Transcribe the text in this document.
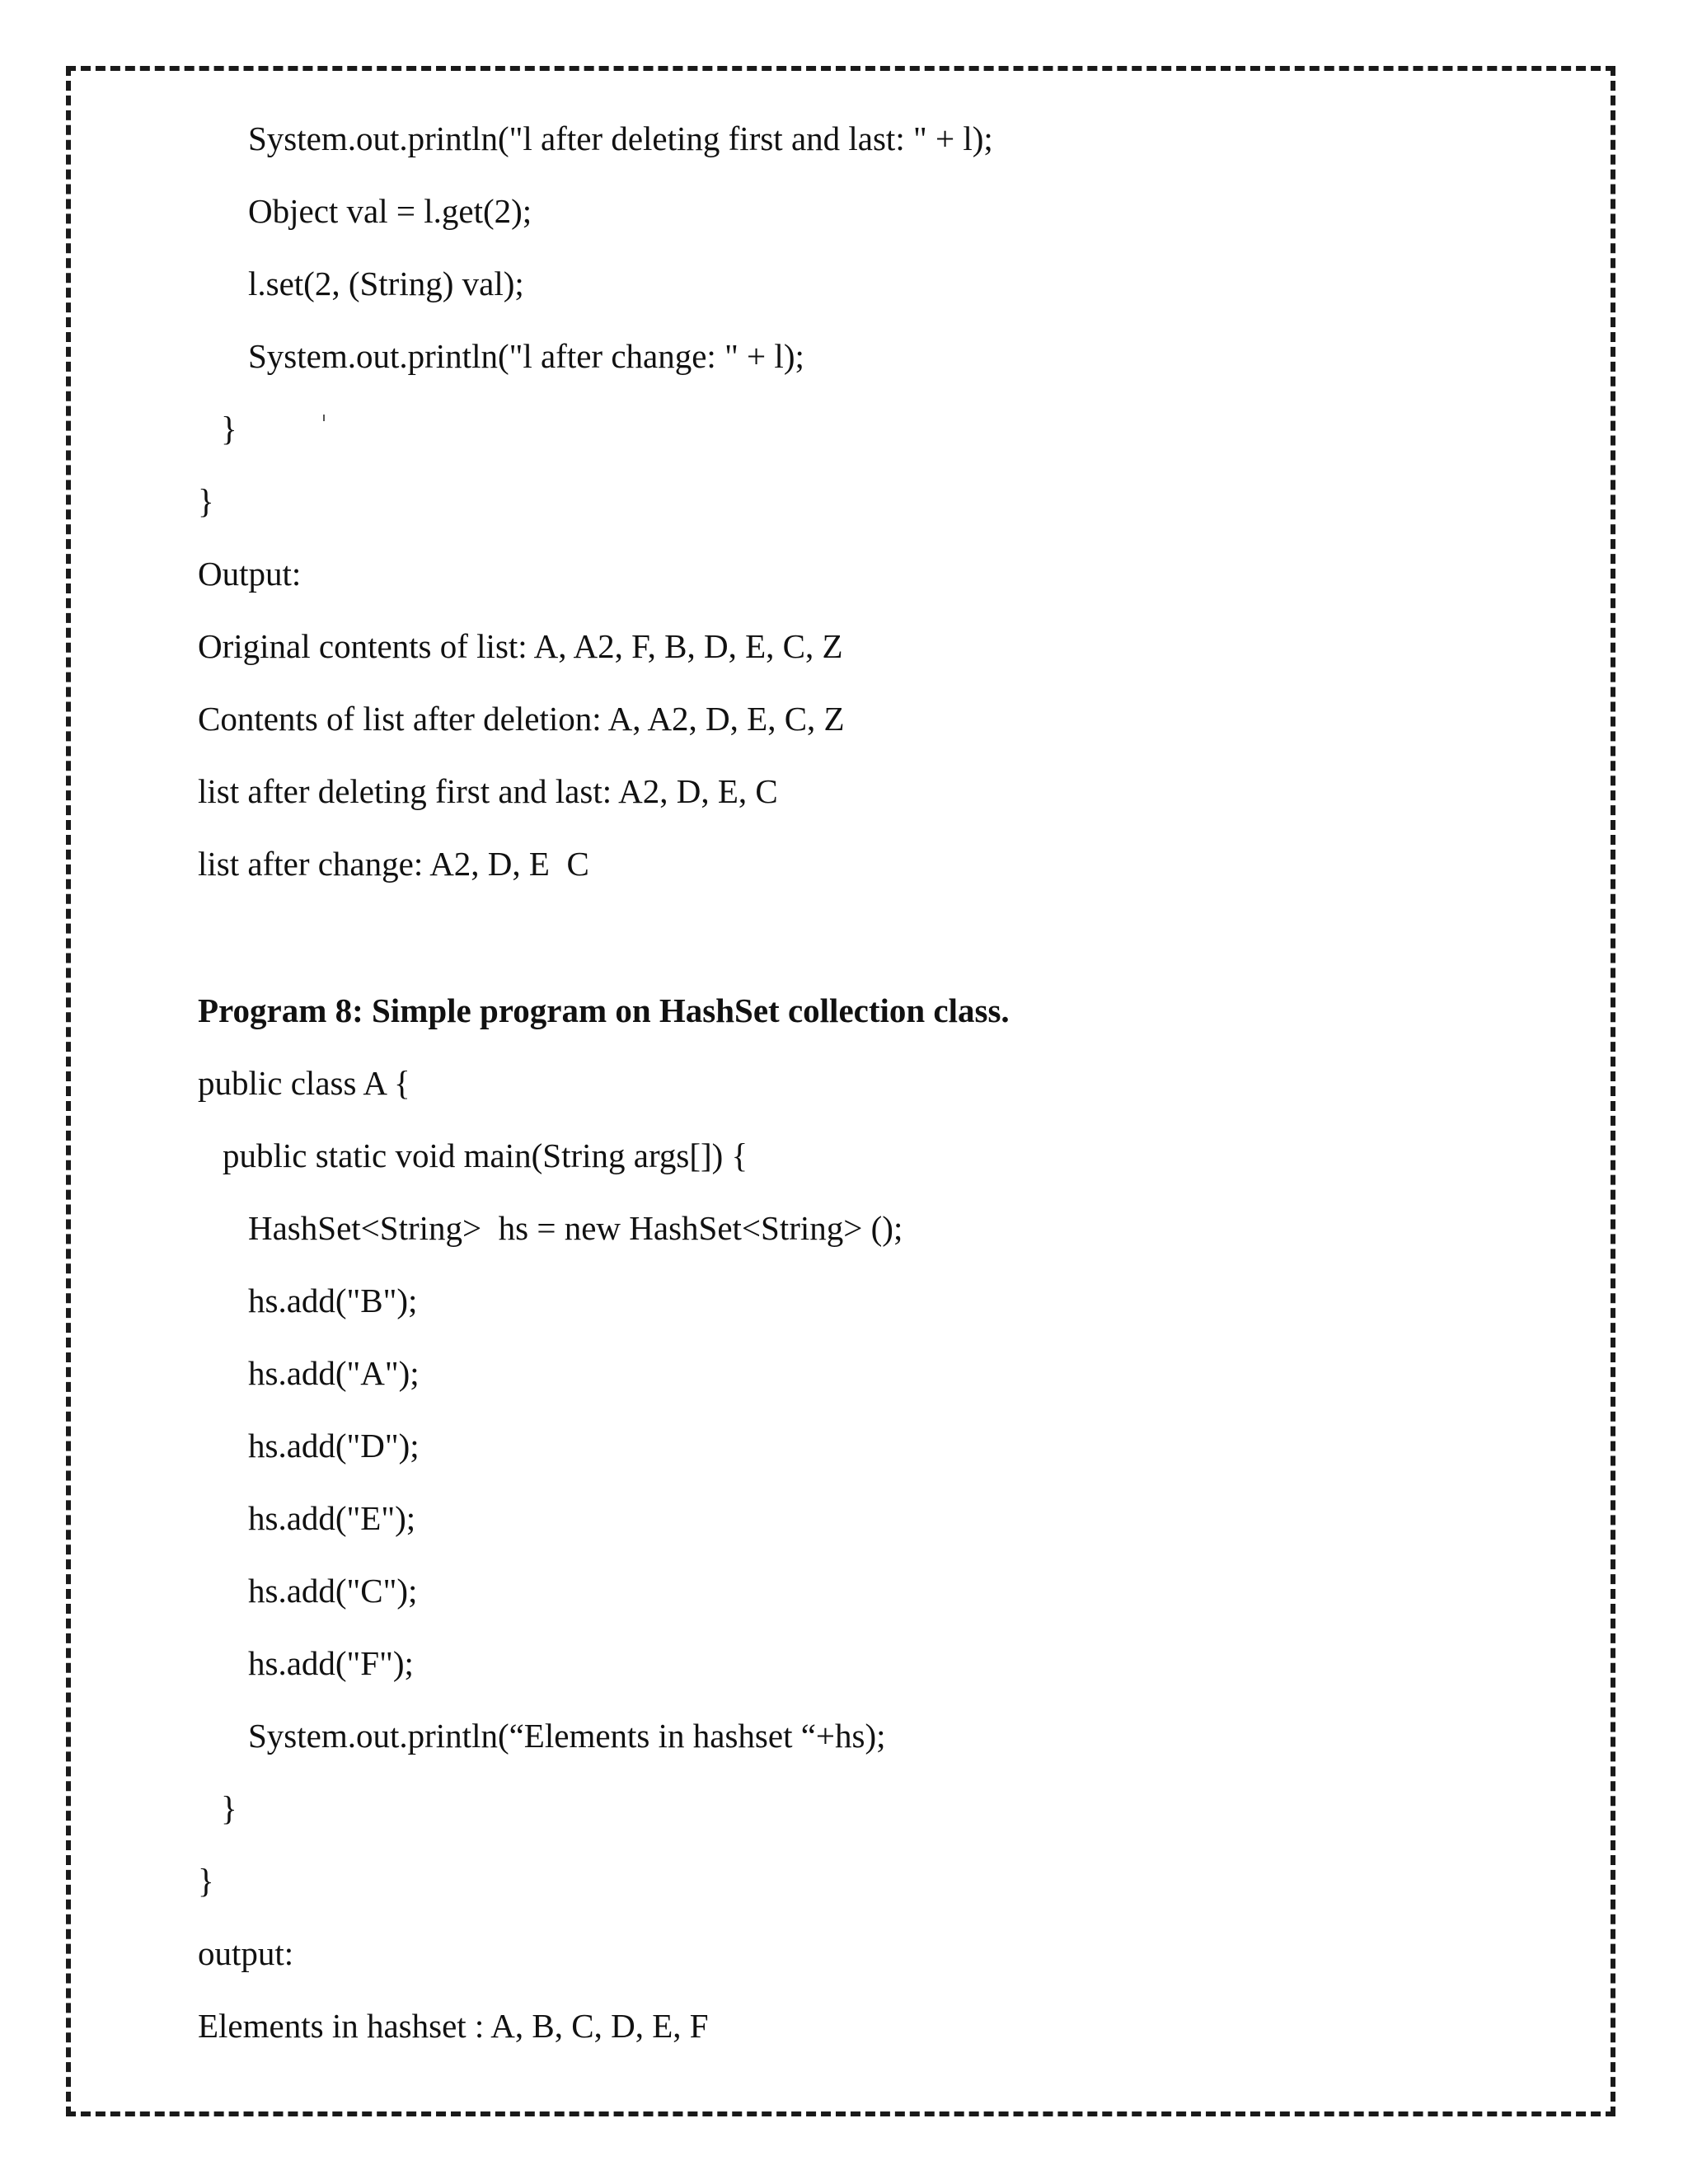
System.out.println("l after deleting first and last: " + l);
Object val = l.get(2);
l.set(2, (String) val);
System.out.println("l after change: " + l);
}
}
Output:
Original contents of list: A, A2, F, B, D, E, C, Z
Contents of list after deletion: A, A2, D, E, C, Z
list after deleting first and last: A2, D, E, C
list after change: A2, D, E  C
Program 8: Simple program on HashSet collection class.
public class A {
public static void main(String args[]) {
HashSet<String>  hs = new HashSet<String> ();
hs.add("B");
hs.add("A");
hs.add("D");
hs.add("E");
hs.add("C");
hs.add("F");
System.out.println(“Elements in hashset “+hs);
}
}
output:
Elements in hashset : A, B, C, D, E, F
